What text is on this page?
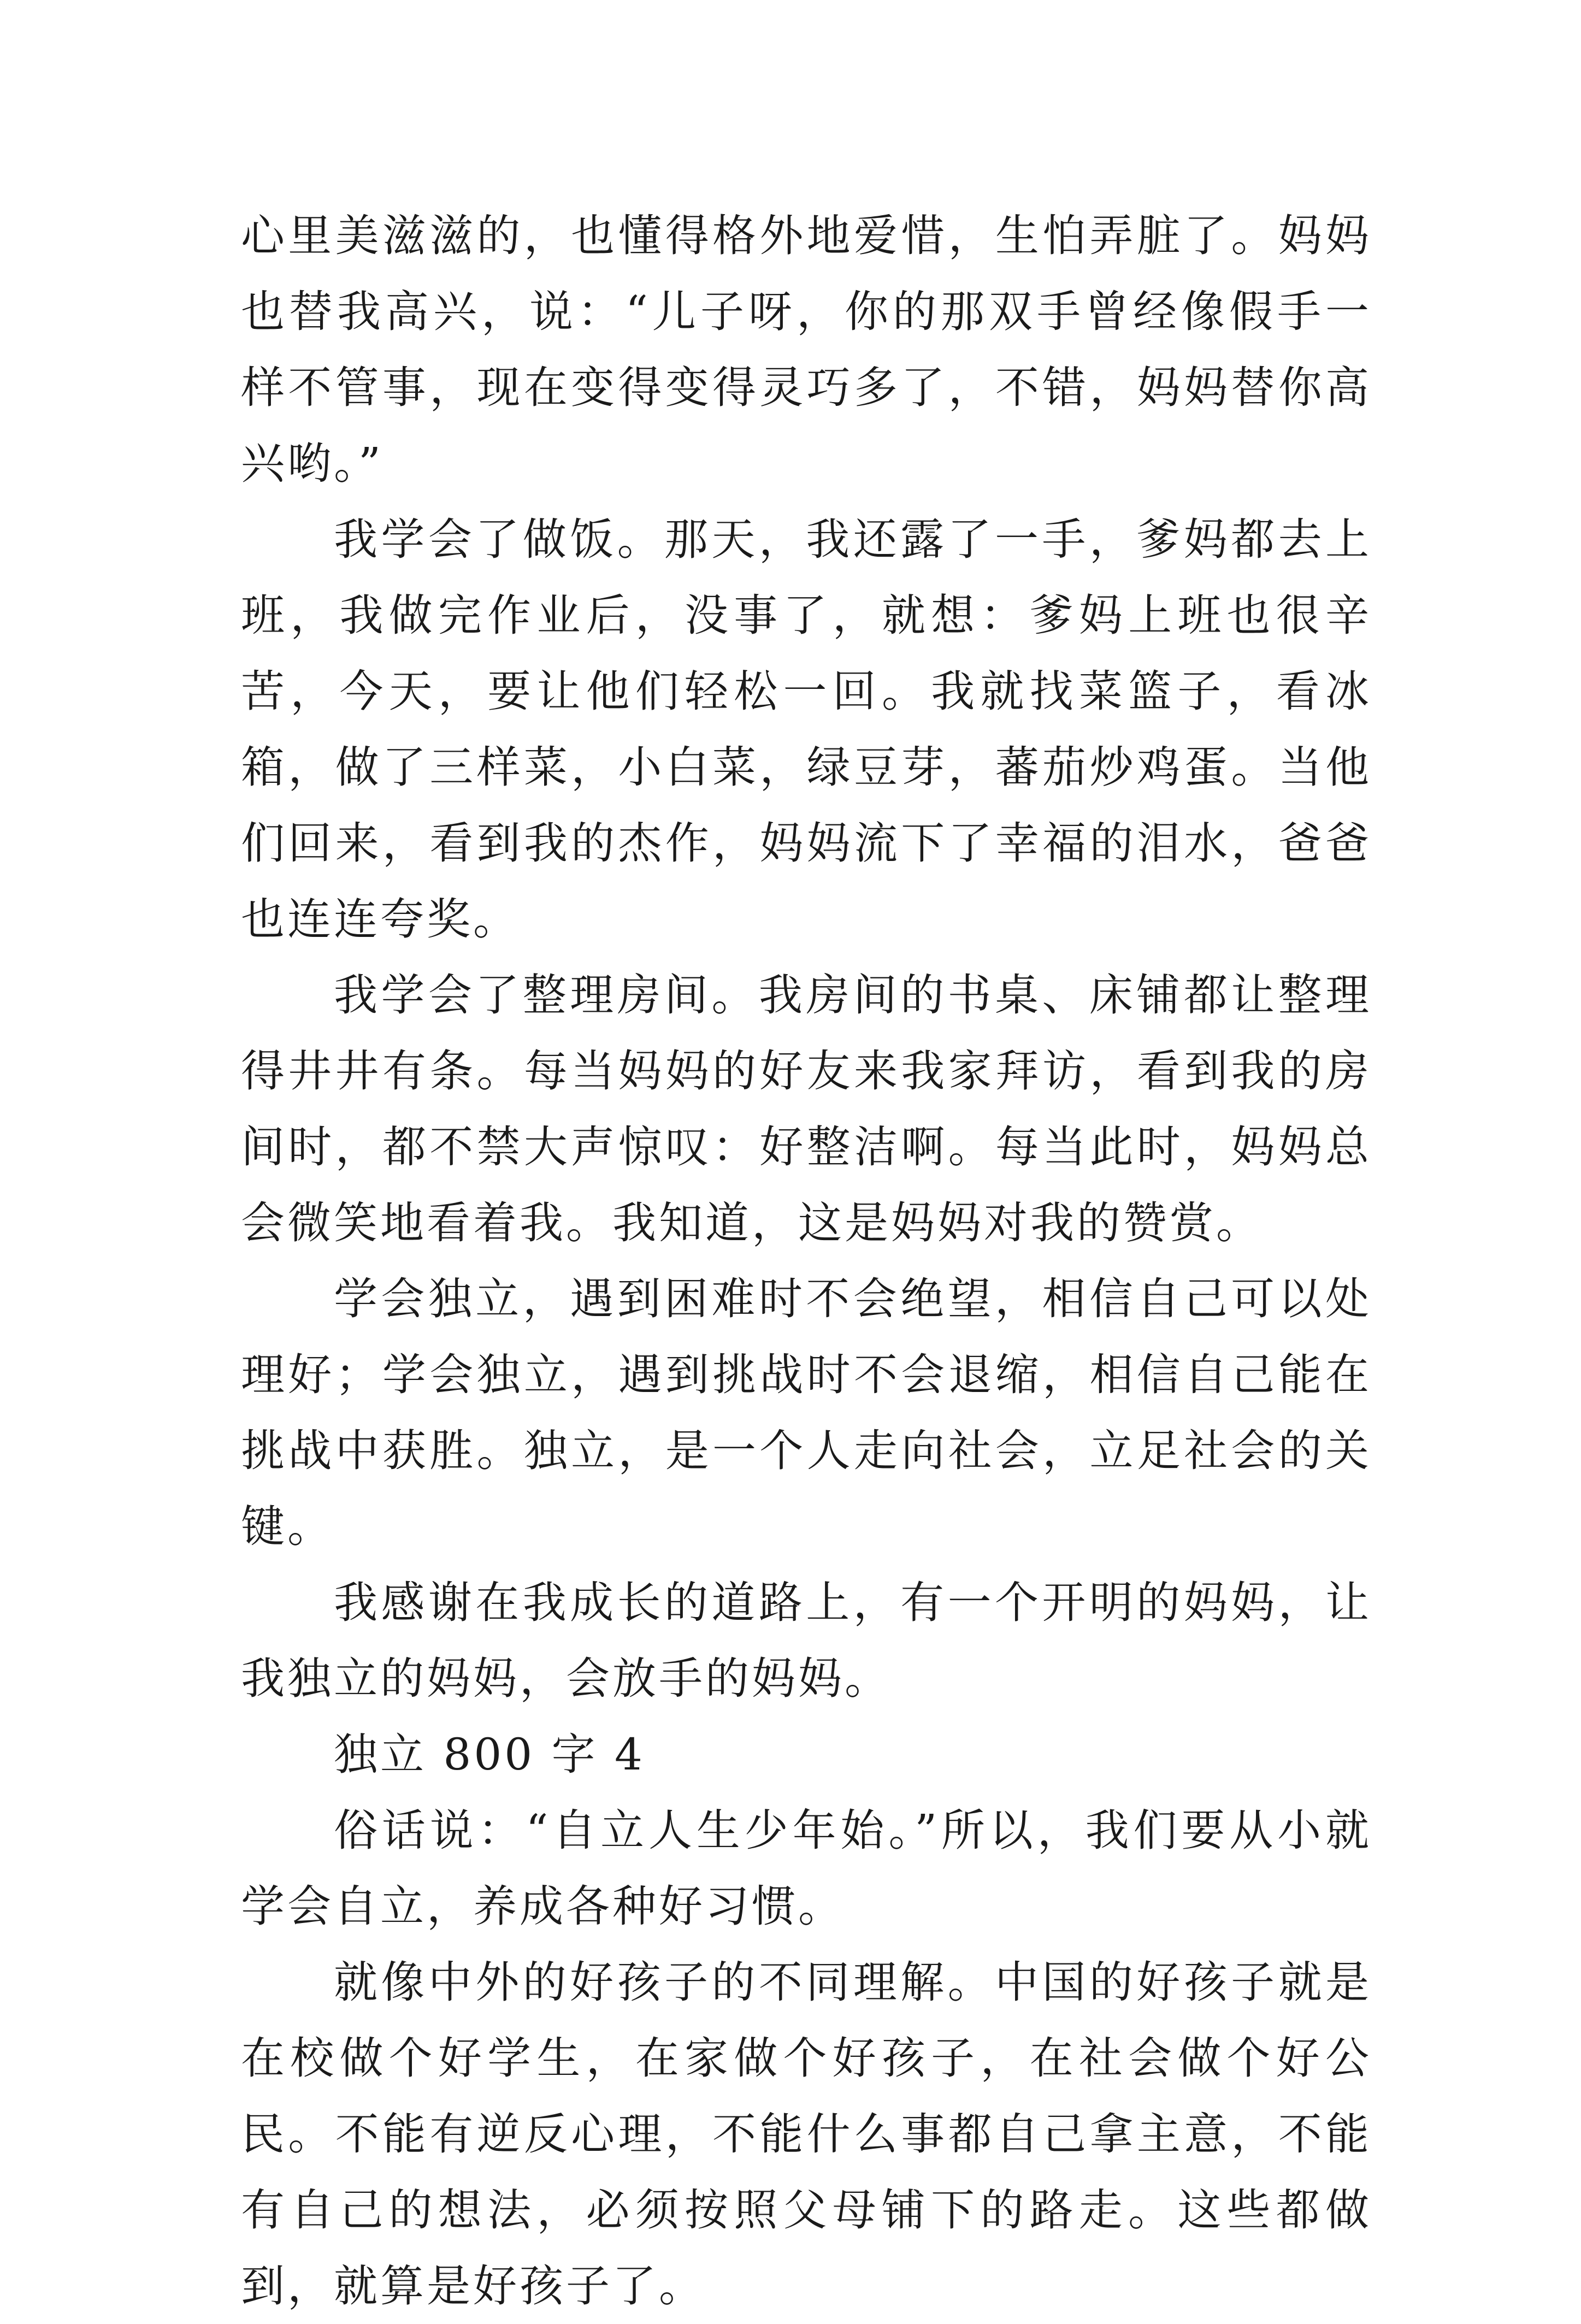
心里美滋滋的，也懂得格外地爱惜，生怕弄脏了。妈妈也替我高兴，说：“儿子呀，你的那双手曾经像假手一样不管事，现在变得变得灵巧多了，不错，妈妈替你高兴哟。”

我学会了做饭。那天，我还露了一手，爹妈都去上班，我做完作业后，没事了，就想：爹妈上班也很辛苦，今天，要让他们轻松一回。我就找菜篮子，看冰箱，做了三样菜，小白菜，绿豆芽，蕃茄炒鸡蛋。当他们回来，看到我的杰作，妈妈流下了幸福的泪水，爸爸也连连夸奖。

我学会了整理房间。我房间的书桌、床铺都让整理得井井有条。每当妈妈的好友来我家拜访，看到我的房间时，都不禁大声惊叹：好整洁啊。每当此时，妈妈总会微笑地看着我。我知道，这是妈妈对我的赞赏。

学会独立，遇到困难时不会绝望，相信自己可以处理好；学会独立，遇到挑战时不会退缩，相信自己能在挑战中获胜。独立，是一个人走向社会，立足社会的关键。

我感谢在我成长的道路上，有一个开明的妈妈，让我独立的妈妈，会放手的妈妈。

独立 800 字 4

俗话说：“自立人生少年始。”所以，我们要从小就学会自立，养成各种好习惯。

就像中外的好孩子的不同理解。中国的好孩子就是在校做个好学生，在家做个好孩子，在社会做个好公民。不能有逆反心理，不能什么事都自己拿主意，不能有自己的想法，必须按照父母铺下的路走。这些都做到，就算是好孩子了。
